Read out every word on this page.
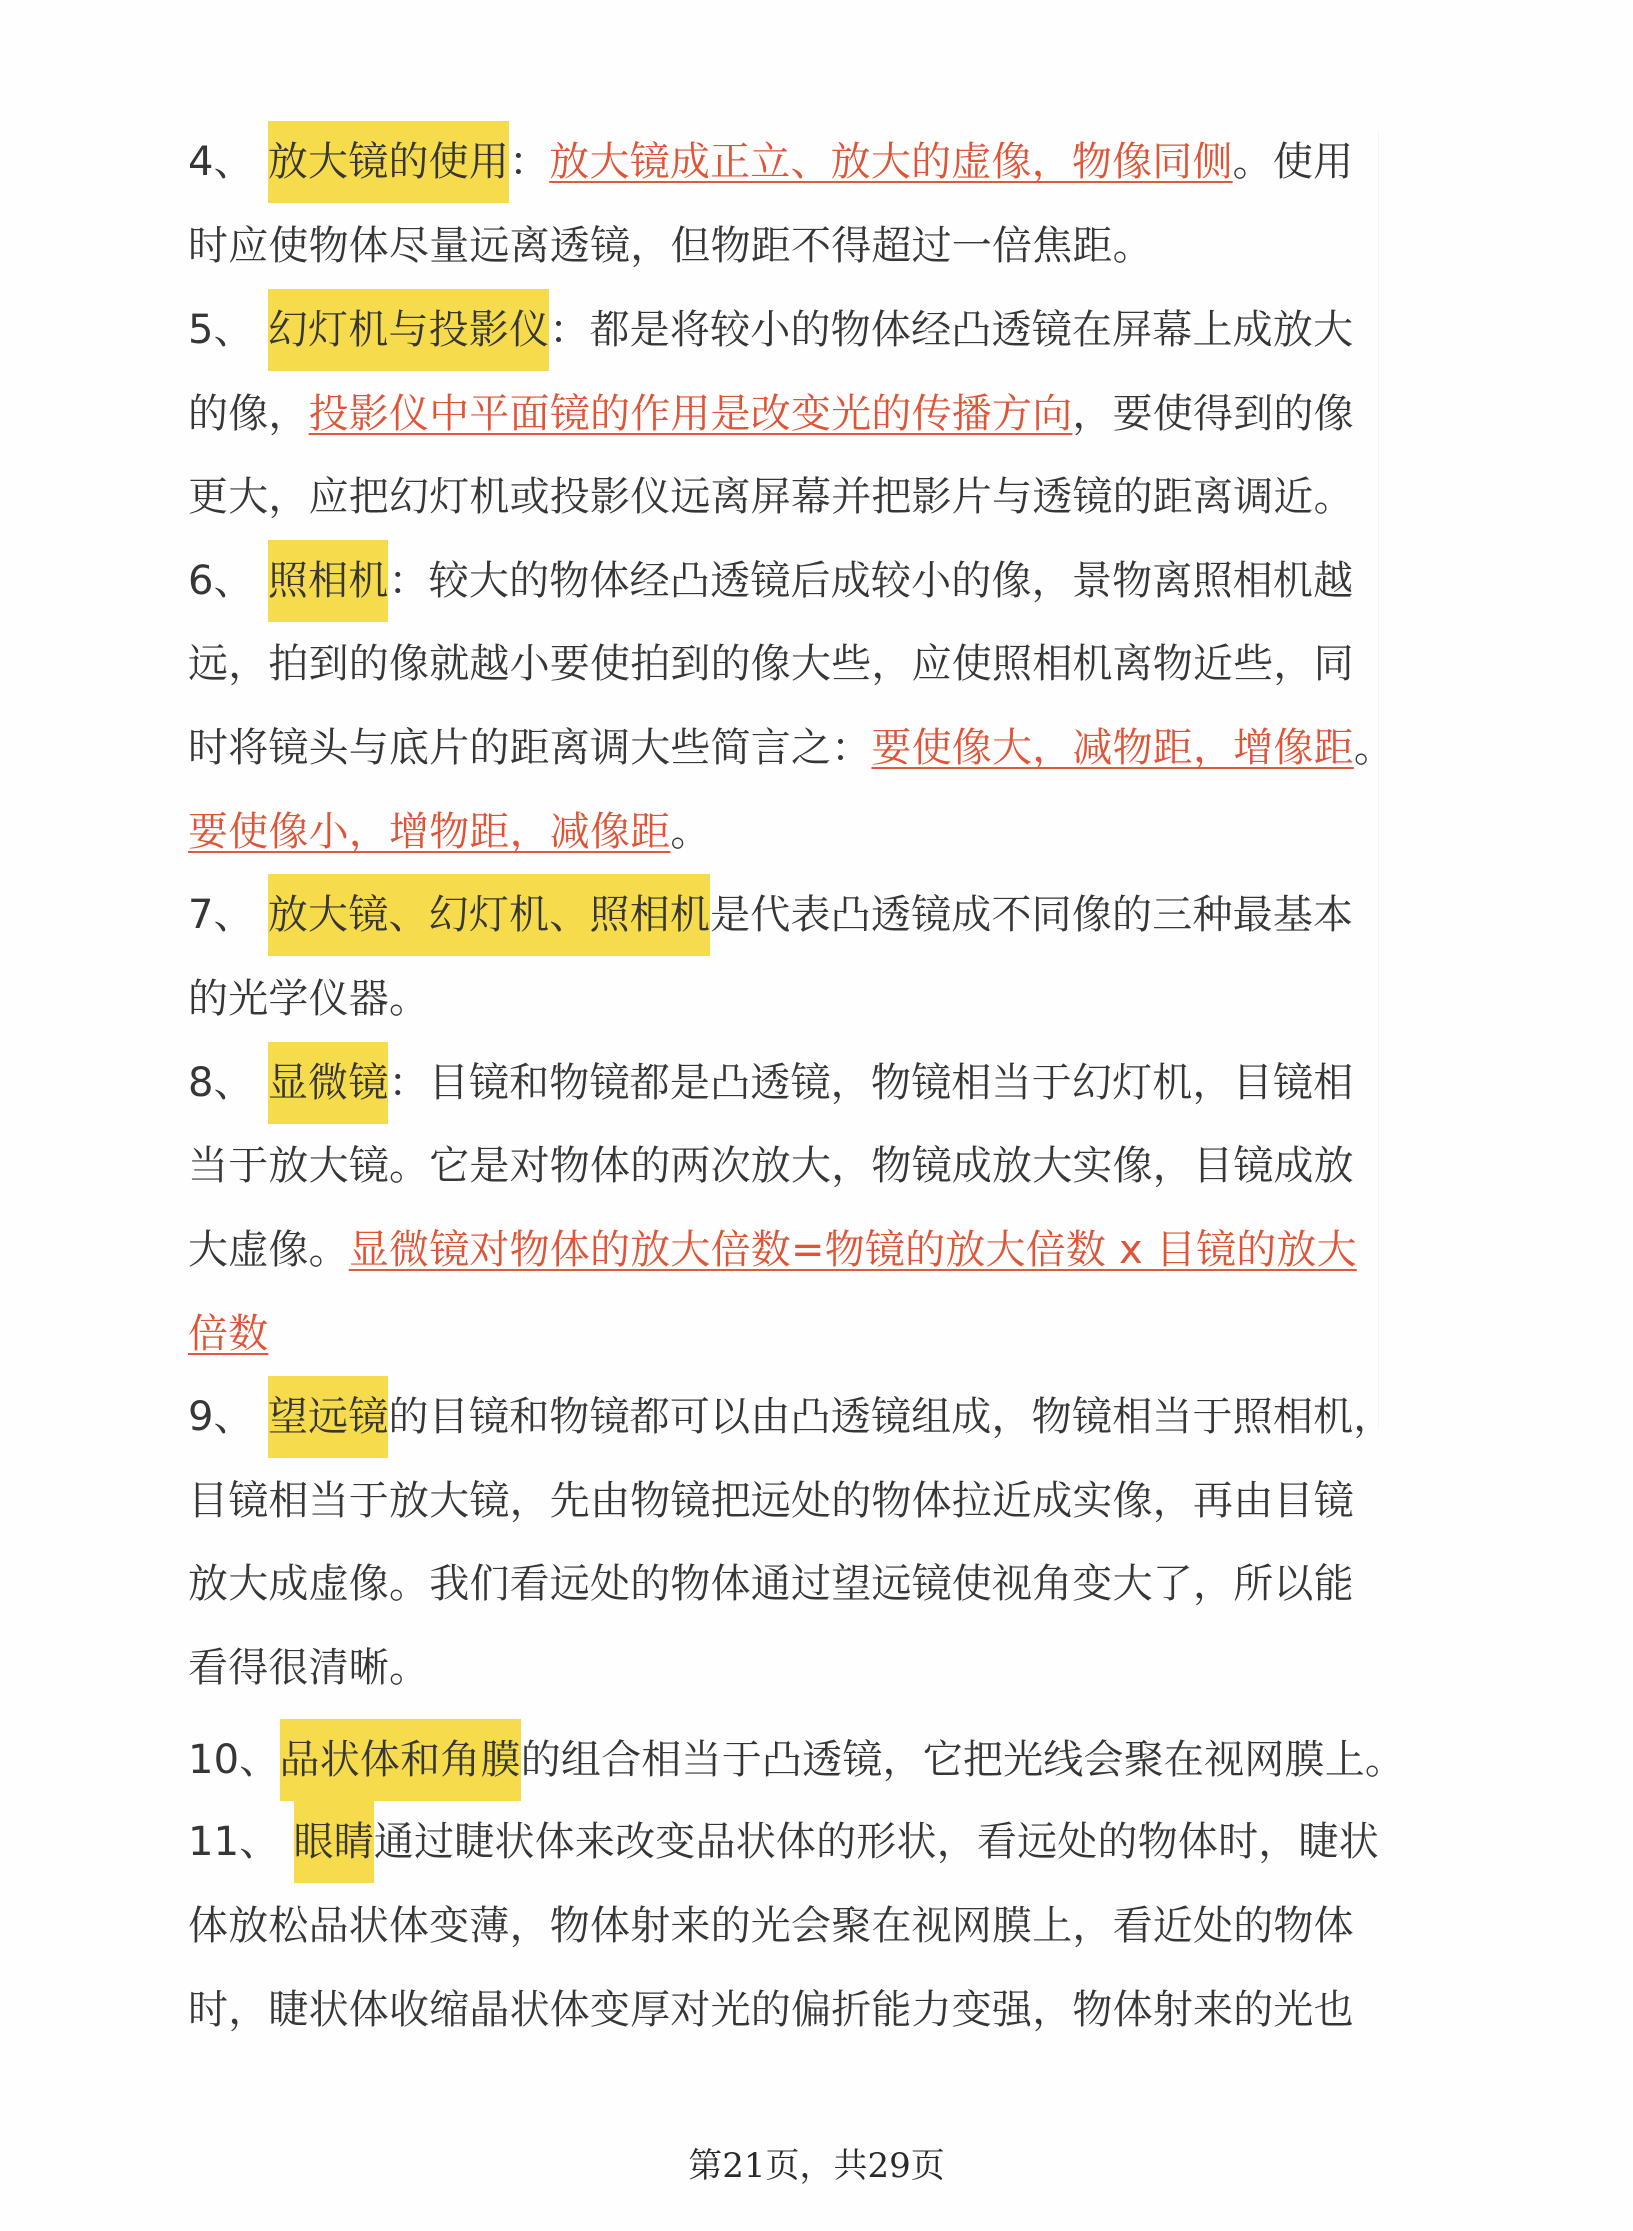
4、 放大镜的使用：放大镜成正立、放大的虚像，物像同侧。使用
时应使物体尽量远离透镜，但物距不得超过一倍焦距。
5、 幻灯机与投影仪：都是将较小的物体经凸透镜在屏幕上成放大
的像，投影仪中平面镜的作用是改变光的传播方向，要使得到的像
更大，应把幻灯机或投影仪远离屏幕并把影片与透镜的距离调近。
6、 照相机：较大的物体经凸透镜后成较小的像，景物离照相机越
远，拍到的像就越小要使拍到的像大些，应使照相机离物近些，同
时将镜头与底片的距离调大些简言之：要使像大，减物距，增像距。
要使像小，增物距，减像距。
7、 放大镜、幻灯机、照相机是代表凸透镜成不同像的三种最基本
的光学仪器。
8、 显微镜：目镜和物镜都是凸透镜，物镜相当于幻灯机，目镜相
当于放大镜。它是对物体的两次放大，物镜成放大实像，目镜成放
大虚像。显微镜对物体的放大倍数=物镜的放大倍数 x 目镜的放大
倍数
9、 望远镜的目镜和物镜都可以由凸透镜组成，物镜相当于照相机，
目镜相当于放大镜，先由物镜把远处的物体拉近成实像，再由目镜
放大成虚像。我们看远处的物体通过望远镜使视角变大了，所以能
看得很清晰。
10、品状体和角膜的组合相当于凸透镜，它把光线会聚在视网膜上。
11、 眼睛通过睫状体来改变品状体的形状，看远处的物体时，睫状
体放松品状体变薄，物体射来的光会聚在视网膜上，看近处的物体
时，睫状体收缩晶状体变厚对光的偏折能力变强，物体射来的光也
第21页，共29页
